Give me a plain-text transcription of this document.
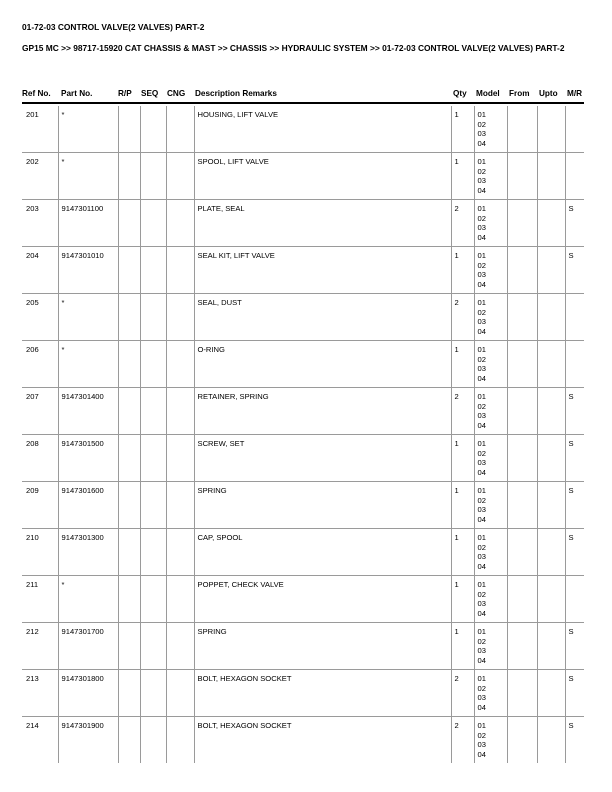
01-72-03 CONTROL VALVE(2 VALVES) PART-2
GP15 MC >> 98717-15920 CAT CHASSIS & MAST >> CHASSIS >> HYDRAULIC SYSTEM >> 01-72-03 CONTROL VALVE(2 VALVES) PART-2
Ref No. Part No.	R/P SEQ CNG Description Remarks	Qty Model From Upto M/R
201	*				HOUSING, LIFT VALVE	1	01
02
03
04			

202	*				SPOOL, LIFT VALVE	1	01
02
03
04			

203	9147301100				PLATE, SEAL	2	01
02
03
04			S
204	9147301010				SEAL KIT, LIFT VALVE	1	01
02
03
04			S
205	*				SEAL, DUST	2	01
02
03
04			

206	*				O-RING	1	01
02
03
04			

207	9147301400				RETAINER, SPRING	2	01
02
03
04			S
208	9147301500				SCREW, SET	1	01
02
03
04			S
209	9147301600				SPRING	1	01
02
03
04			S
210	9147301300				CAP, SPOOL	1	01
02
03
04			S
211	*				POPPET, CHECK VALVE	1	01
02
03
04			

212	9147301700				SPRING	1	01
02
03
04			S
213	9147301800				BOLT, HEXAGON SOCKET	2	01
02
03
04			S
214	9147301900				BOLT, HEXAGON SOCKET	2	01
02
03
04			S
